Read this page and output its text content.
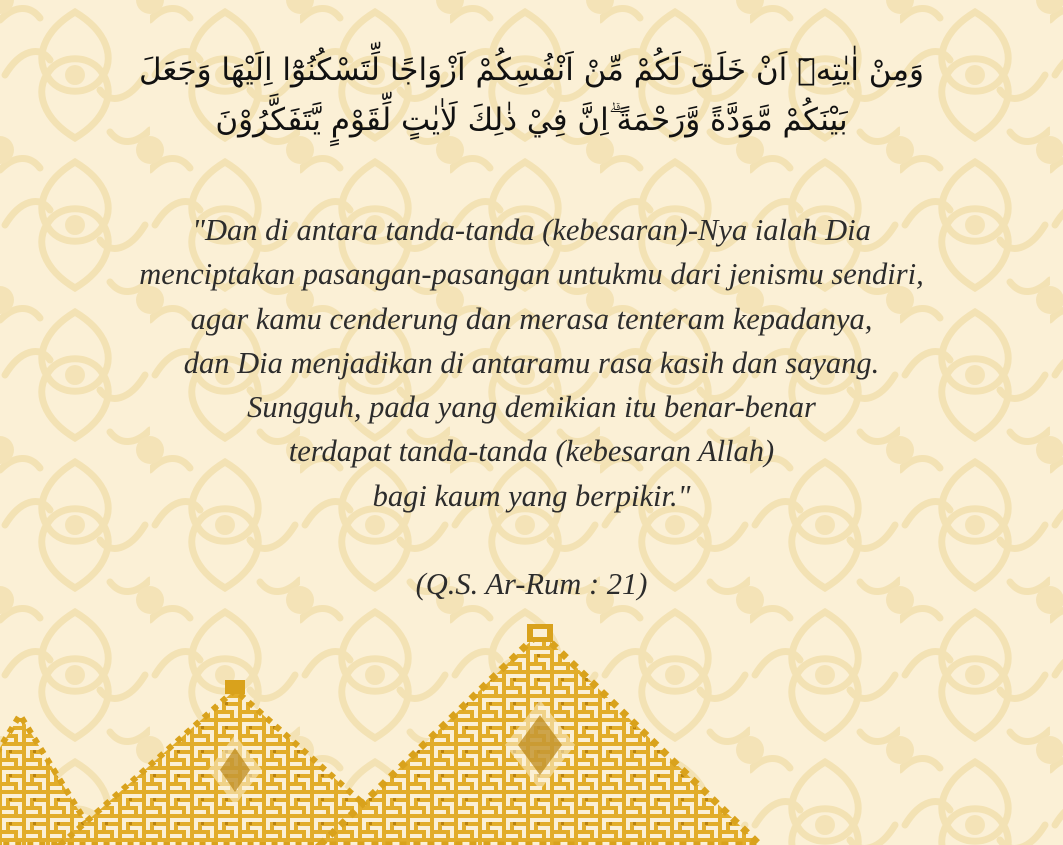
وَمِنْ اٰيٰتِهٖٓ اَنْ خَلَقَ لَكُمْ مِّنْ اَنْفُسِكُمْ اَزْوَاجًا لِّتَسْكُنُوْٓا اِلَيْهَا وَجَعَلَ
بَيْنَكُمْ مَّوَدَّةً وَّرَحْمَةً ۗاِنَّ فِيْ ذٰلِكَ لَاٰيٰتٍ لِّقَوْمٍ يَّتَفَكَّرُوْنَ
"Dan di antara tanda-tanda (kebesaran)-Nya ialah Dia
menciptakan pasangan-pasangan untukmu dari jenismu sendiri,
agar kamu cenderung dan merasa tenteram kepadanya,
dan Dia menjadikan di antaramu rasa kasih dan sayang.
Sungguh, pada yang demikian itu benar-benar
terdapat tanda-tanda (kebesaran Allah)
bagi kaum yang berpikir."
(Q.S. Ar-Rum : 21)
